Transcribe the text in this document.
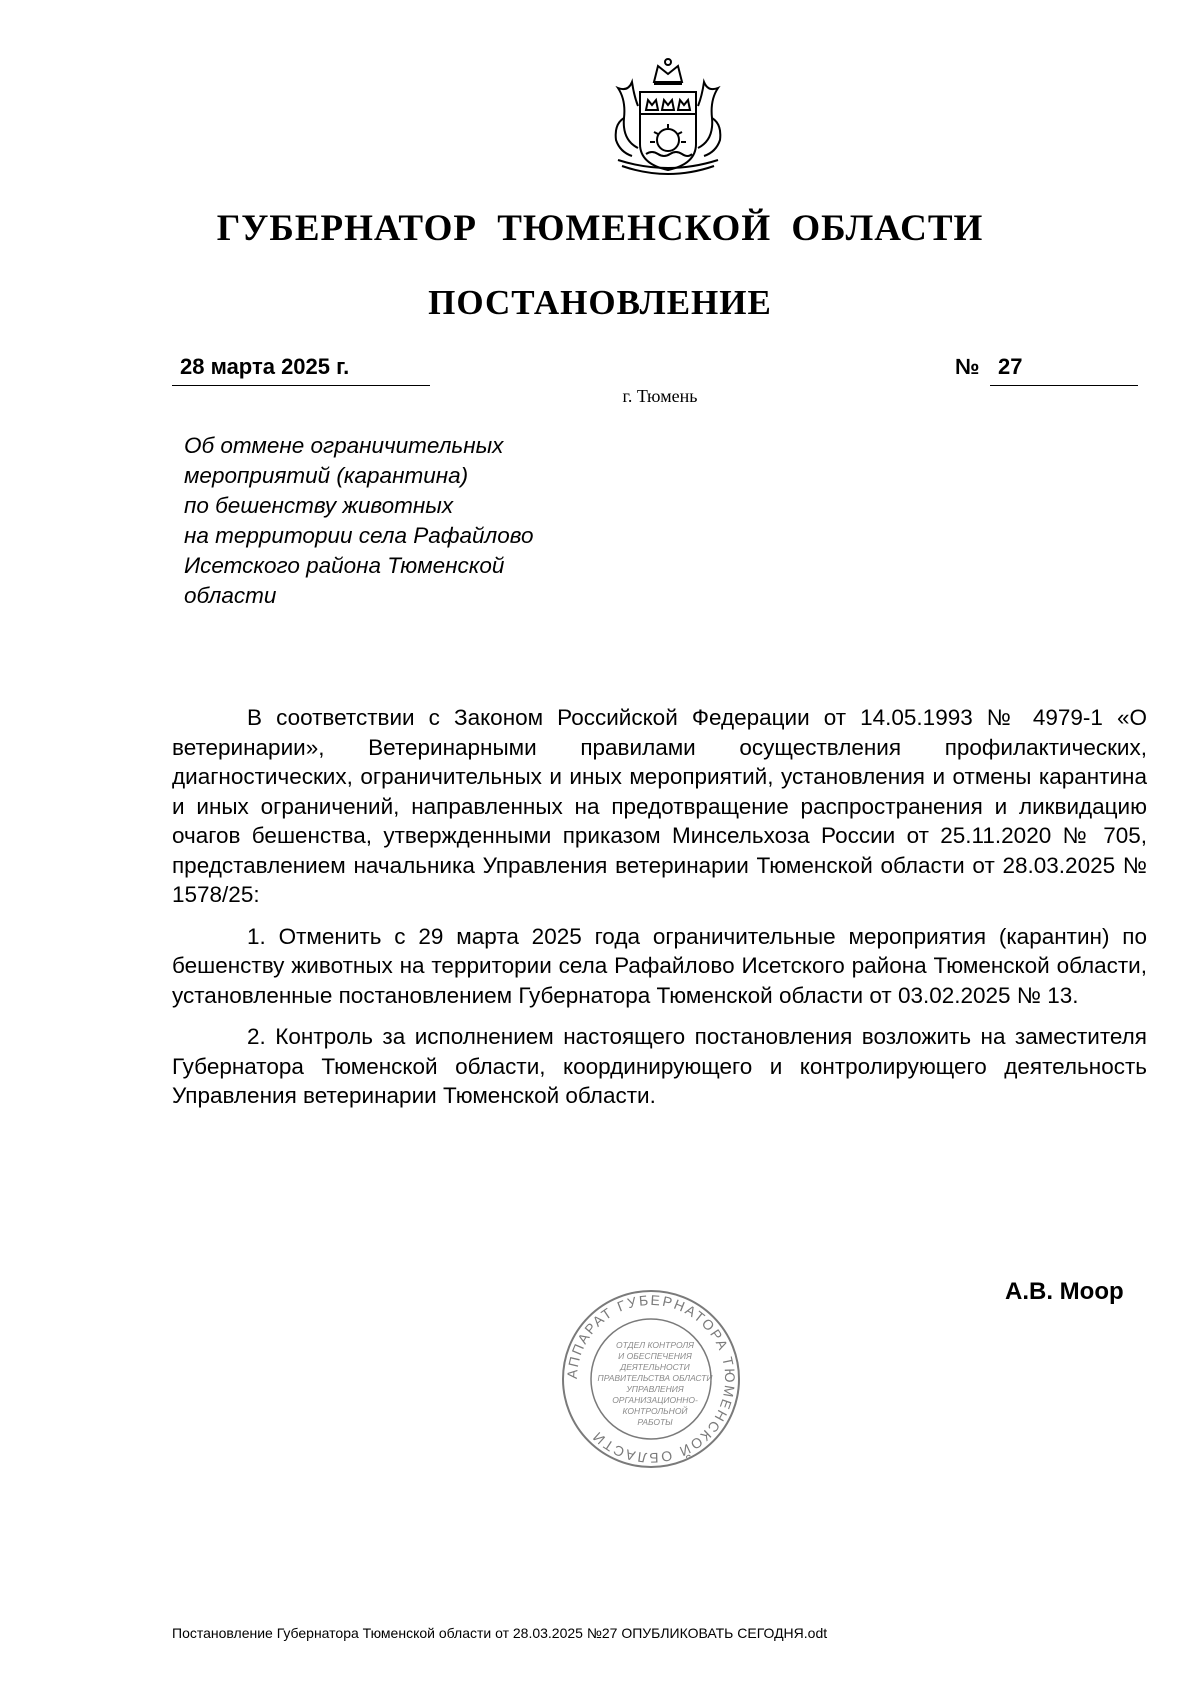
ГУБЕРНАТОР ТЮМЕНСКОЙ ОБЛАСТИ
ПОСТАНОВЛЕНИЕ
28 марта 2025 г.	№ 27
г. Тюмень
Об отмене ограничительных
мероприятий (карантина)
по бешенству животных
на территории села Рафайлово
Исетского района Тюменской
области

В соответствии с Законом Российской Федерации от 14.05.1993 № 4979-1 «О ветеринарии», Ветеринарными правилами осуществления профилактических, диагностических, ограничительных и иных мероприятий, установления и отмены карантина и иных ограничений, направленных на предотвращение распространения и ликвидацию очагов бешенства, утвержденными приказом Минсельхоза России от 25.11.2020 № 705, представлением начальника Управления ветеринарии Тюменской области от 28.03.2025 № 1578/25:

1. Отменить с 29 марта 2025 года ограничительные мероприятия (карантин) по бешенству животных на территории села Рафайлово Исетского района Тюменской области, установленные постановлением Губернатора Тюменской области от 03.02.2025 № 13.

2. Контроль за исполнением настоящего постановления возложить на заместителя Губернатора Тюменской области, координирующего и контролирующего деятельность Управления ветеринарии Тюменской области.

А.В. Моор
АППАРАТ ГУБЕРНАТОРА ТЮМЕНСКОЙ ОБЛАСТИ
ОТДЕЛ КОНТРОЛЯ
И ОБЕСПЕЧЕНИЯ
ДЕЯТЕЛЬНОСТИ
ПРАВИТЕЛЬСТВА ОБЛАСТИ
УПРАВЛЕНИЯ
ОРГАНИЗАЦИОННО-
КОНТРОЛЬНОЙ
РАБОТЫ
Постановление Губернатора Тюменской области от 28.03.2025 №27 ОПУБЛИКОВАТЬ СЕГОДНЯ.odt
